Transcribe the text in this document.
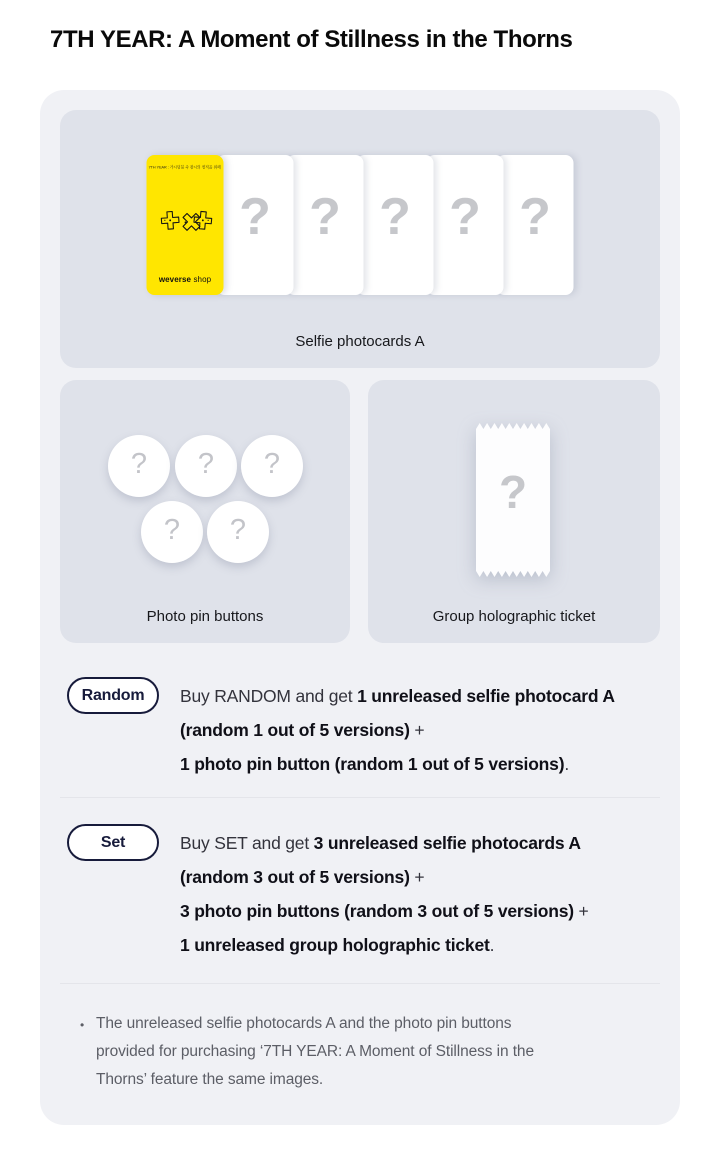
7TH YEAR: A Moment of Stillness in the Thorns
7TH YEAR : 가시덤불 속 잠시의 정적을 위해
weverse shop
? ? ? ? ?
Selfie photocards A
? ? ?
? ?
Photo pin buttons
?
Group holographic ticket
Random	Buy RANDOM and get 1 unreleased selfie photocard A
(random 1 out of 5 versions) +
1 photo pin button (random 1 out of 5 versions).
Set	Buy SET and get 3 unreleased selfie photocards A
(random 3 out of 5 versions) +
3 photo pin buttons (random 3 out of 5 versions) +
1 unreleased group holographic ticket.
• The unreleased selfie photocards A and the photo pin buttons
provided for purchasing ‘7TH YEAR: A Moment of Stillness in the
Thorns’ feature the same images.
